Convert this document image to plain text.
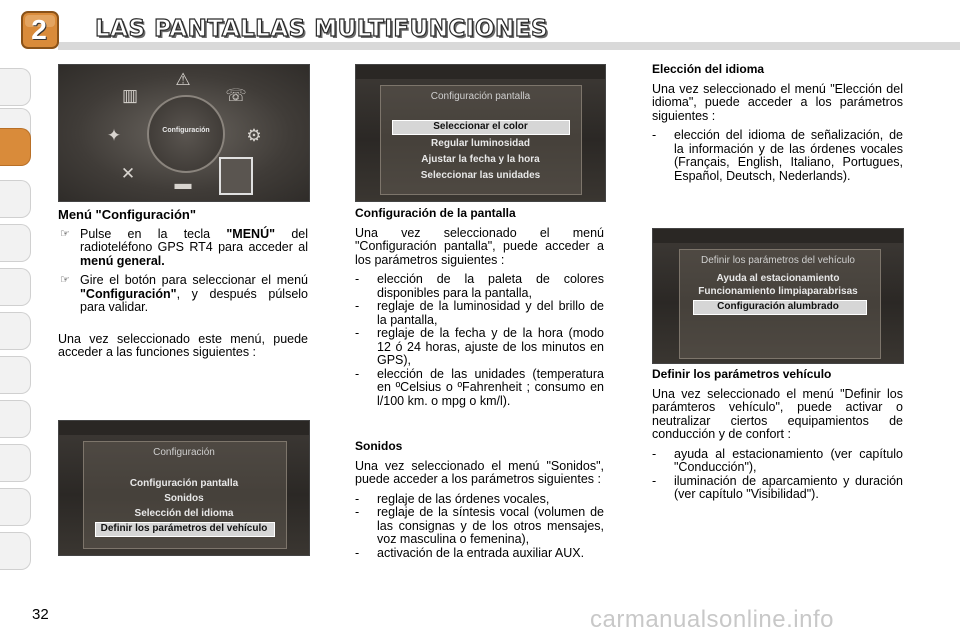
2	LAS PANTALLAS MULTIFUNCIONES
▥
⚠
☏
✦	⚙
✕
▬
Configuración
Configuración pantalla
Seleccionar el color
Regular luminosidad
Ajustar la fecha y la hora
Seleccionar las unidades
Configuración
Configuración pantalla
Sonidos
Selección del idioma
Definir los parámetros del vehículo
Definir los parámetros del vehículo
Ayuda al estacionamiento
Funcionamiento limpiaparabrisas
Configuración alumbrado

Menú "Configuración"

☞ Pulse en la tecla "MENÚ" del radioteléfono GPS RT4 para acceder al menú general.
☞ Gire el botón para seleccionar el menú "Configuración", y después púlselo para validar.

Una vez seleccionado este menú, puede acceder a las funciones siguientes :

Configuración de la pantalla

Una vez seleccionado el menú "Configuración pantalla", puede acceder a los parámetros siguientes :

- elección de la paleta de colores disponibles para la pantalla,
- reglaje de la luminosidad y del brillo de la pantalla,
- reglaje de la fecha y de la hora (modo 12 ó 24 horas, ajuste de los minutos en GPS),
- elección de las unidades (temperatura en ºCelsius o ºFahrenheit ; consumo en l/100 km. o mpg o km/l).

Sonidos

Una vez seleccionado el menú "Sonidos", puede acceder a los parámetros siguientes :

- reglaje de las órdenes vocales,
- reglaje de la síntesis vocal (volumen de las consignas y de los otros mensajes, voz masculina o femenina),
- activación de la entrada auxiliar AUX.

Elección del idioma

Una vez seleccionado el menú "Elección del idioma", puede acceder a los parámetros siguientes :

- elección del idioma de señalización, de la información y de las órdenes vocales (Français, English, Italiano, Portugues, Español, Deutsch, Nederlands).

Definir los parámetros vehículo

Una vez seleccionado el menú "Definir los parámteros vehículo", puede activar o neutralizar ciertos equipamientos de conducción y de confort :

- ayuda al estacionamiento (ver capítulo "Conducción"),
- iluminación de aparcamiento y duración (ver capítulo "Visibilidad").
32	carmanualsonline.info
